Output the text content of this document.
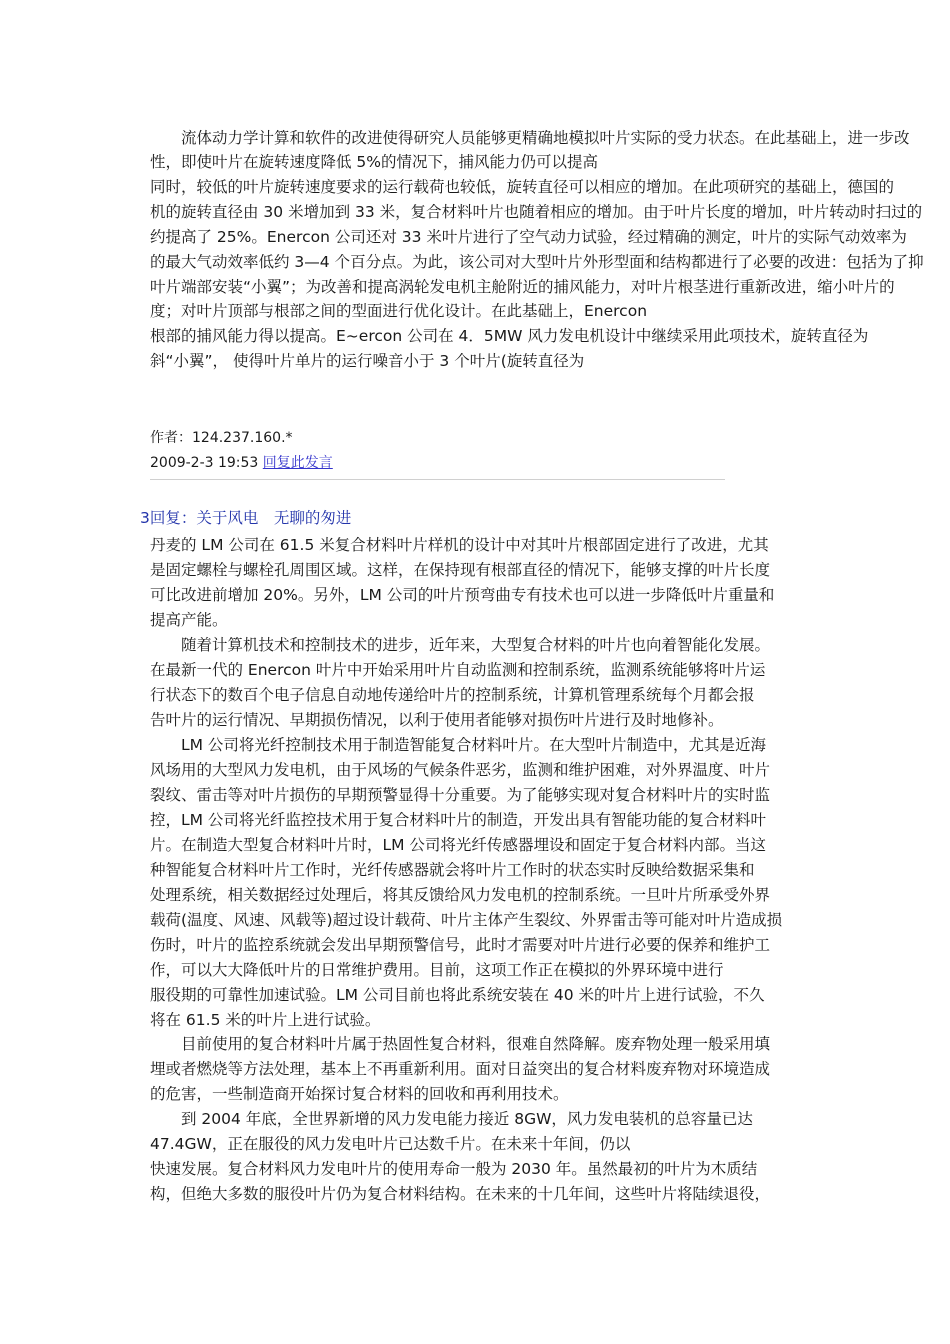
　　流体动力学计算和软件的改进使得研究人员能够更精确地模拟叶片实际的受力状态。在此基础上，进一步改
性，即使叶片在旋转速度降低 5%的情况下，捕风能力仍可以提高
同时，较低的叶片旋转速度要求的运行载荷也较低，旋转直径可以相应的增加。在此项研究的基础上，德国的
机的旋转直径由 30 米增加到 33 米，复合材料叶片也随着相应的增加。由于叶片长度的增加，叶片转动时扫过的
约提高了 25%。Enercon 公司还对 33 米叶片进行了空气动力试验，经过精确的测定，叶片的实际气动效率为
的最大气动效率低约 3—4 个百分点。为此，该公司对大型叶片外形型面和结构都进行了必要的改进：包括为了抑
叶片端部安装“小翼”；为改善和提高涡轮发电机主舱附近的捕风能力，对叶片根茎进行重新改进，缩小叶片的
度；对叶片顶部与根部之间的型面进行优化设计。在此基础上，Enercon
根部的捕风能力得以提高。E~ercon 公司在 4．5MW 风力发电机设计中继续采用此项技术，旋转直径为
斜“小翼”， 使得叶片单片的运行噪音小于 3 个叶片(旋转直径为
作者：124.237.160.*
2009-2-3 19:53 回复此发言
3回复：关于风电　无聊的匆进
丹麦的 LM 公司在 61.5 米复合材料叶片样机的设计中对其叶片根部固定进行了改进，尤其
是固定螺栓与螺栓孔周围区域。这样，在保持现有根部直径的情况下，能够支撑的叶片长度
可比改进前增加 20%。另外，LM 公司的叶片预弯曲专有技术也可以进一步降低叶片重量和
提高产能。
　　随着计算机技术和控制技术的进步，近年来，大型复合材料的叶片也向着智能化发展。
在最新一代的 Enercon 叶片中开始采用叶片自动监测和控制系统，监测系统能够将叶片运
行状态下的数百个电子信息自动地传递给叶片的控制系统，计算机管理系统每个月都会报
告叶片的运行情况、早期损伤情况，以利于使用者能够对损伤叶片进行及时地修补。
　　LM 公司将光纤控制技术用于制造智能复合材料叶片。在大型叶片制造中，尤其是近海
风场用的大型风力发电机，由于风场的气候条件恶劣，监测和维护困难，对外界温度、叶片
裂纹、雷击等对叶片损伤的早期预警显得十分重要。为了能够实现对复合材料叶片的实时监
控，LM 公司将光纤监控技术用于复合材料叶片的制造，开发出具有智能功能的复合材料叶
片。在制造大型复合材料叶片时，LM 公司将光纤传感器埋设和固定于复合材料内部。当这
种智能复合材料叶片工作时，光纤传感器就会将叶片工作时的状态实时反映给数据采集和
处理系统，相关数据经过处理后，将其反馈给风力发电机的控制系统。一旦叶片所承受外界
载荷(温度、风速、风载等)超过设计载荷、叶片主体产生裂纹、外界雷击等可能对叶片造成损
伤时，叶片的监控系统就会发出早期预警信号，此时才需要对叶片进行必要的保养和维护工
作，可以大大降低叶片的日常维护费用。目前，这项工作正在模拟的外界环境中进行
服役期的可靠性加速试验。LM 公司目前也将此系统安装在 40 米的叶片上进行试验，不久
将在 61.5 米的叶片上进行试验。
　　目前使用的复合材料叶片属于热固性复合材料，很难自然降解。废弃物处理一般采用填
埋或者燃烧等方法处理，基本上不再重新利用。面对日益突出的复合材料废弃物对环境造成
的危害，一些制造商开始探讨复合材料的回收和再利用技术。
　　到 2004 年底，全世界新增的风力发电能力接近 8GW，风力发电装机的总容量已达
47.4GW，正在服役的风力发电叶片已达数千片。在未来十年间，仍以
快速发展。复合材料风力发电叶片的使用寿命一般为 2030 年。虽然最初的叶片为木质结
构，但绝大多数的服役叶片仍为复合材料结构。在未来的十几年间，这些叶片将陆续退役，
